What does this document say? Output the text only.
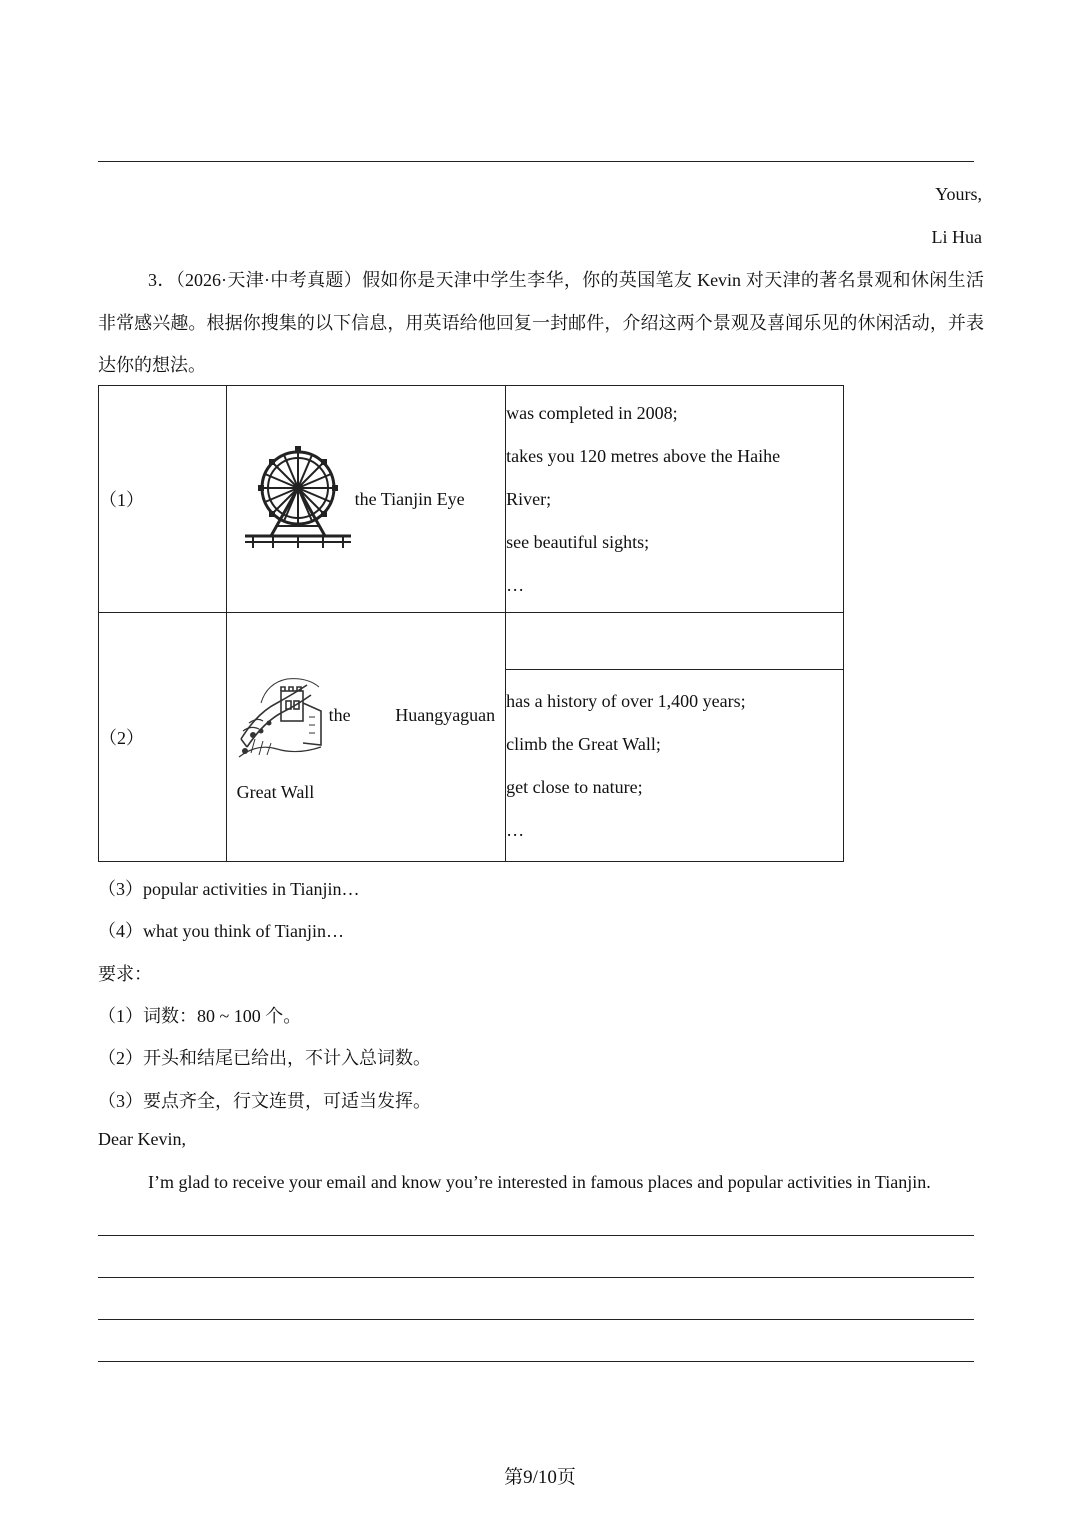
Yours,
Li Hua
3．（2026·天津·中考真题）假如你是天津中学生李华，你的英国笔友 Kevin 对天津的著名景观和休闲生活非常感兴趣。根据你搜集的以下信息，用英语给他回复一封邮件，介绍这两个景观及喜闻乐见的休闲活动，并表达你的想法。
（1）	the Tianjin Eye	was completed in 2008;
takes you 120 metres above the Haihe
River;
see beautiful sights;
…

（2）	the Huangyaguan
Great Wall	

		has a history of over 1,400 years;
climb the Great Wall;
get close to nature;
…
（3）popular activities in Tianjin…
（4）what you think of Tianjin…
要求：
（1）词数：80 ~ 100 个。
（2）开头和结尾已给出，不计入总词数。
（3）要点齐全，行文连贯，可适当发挥。
Dear Kevin,
I’m glad to receive your email and know you’re interested in famous places and popular activities in Tianjin.
第9/10页
